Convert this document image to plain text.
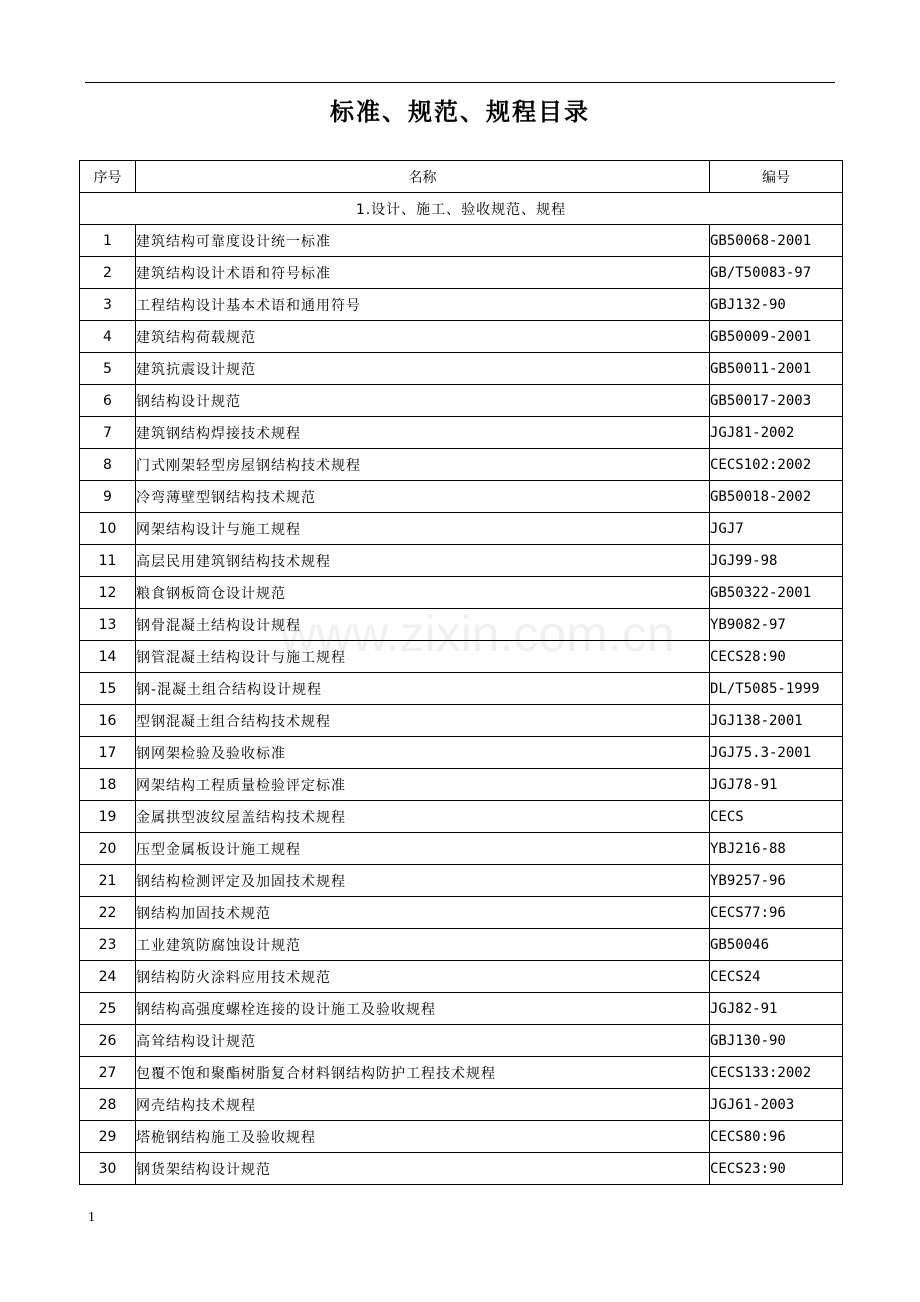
标准、规范、规程目录
序号	名称	编号
1.设计、施工、验收规范、规程		
1	建筑结构可靠度设计统一标准	GB50068-2001
2	建筑结构设计术语和符号标准	GB/T50083-97
3	工程结构设计基本术语和通用符号	GBJ132-90
4	建筑结构荷载规范	GB50009-2001
5	建筑抗震设计规范	GB50011-2001
6	钢结构设计规范	GB50017-2003
7	建筑钢结构焊接技术规程	JGJ81-2002
8	门式刚架轻型房屋钢结构技术规程	CECS102:2002
9	冷弯薄壁型钢结构技术规范	GB50018-2002
10	网架结构设计与施工规程	JGJ7
11	高层民用建筑钢结构技术规程	JGJ99-98
12	粮食钢板筒仓设计规范	GB50322-2001
13	钢骨混凝土结构设计规程	YB9082-97
14	钢管混凝土结构设计与施工规程	CECS28:90
15	钢-混凝土组合结构设计规程	DL/T5085-1999
16	型钢混凝土组合结构技术规程	JGJ138-2001
17	钢网架检验及验收标准	JGJ75.3-2001
18	网架结构工程质量检验评定标准	JGJ78-91
19	金属拱型波纹屋盖结构技术规程	CECS
20	压型金属板设计施工规程	YBJ216-88
21	钢结构检测评定及加固技术规程	YB9257-96
22	钢结构加固技术规范	CECS77:96
23	工业建筑防腐蚀设计规范	GB50046
24	钢结构防火涂料应用技术规范	CECS24
25	钢结构高强度螺栓连接的设计施工及验收规程	JGJ82-91
26	高耸结构设计规范	GBJ130-90
27	包覆不饱和聚酯树脂复合材料钢结构防护工程技术规程	CECS133:2002
28	网壳结构技术规程	JGJ61-2003
29	塔桅钢结构施工及验收规程	CECS80:96
30	钢货架结构设计规范	CECS23:90
www.zixin.com.cn
1
